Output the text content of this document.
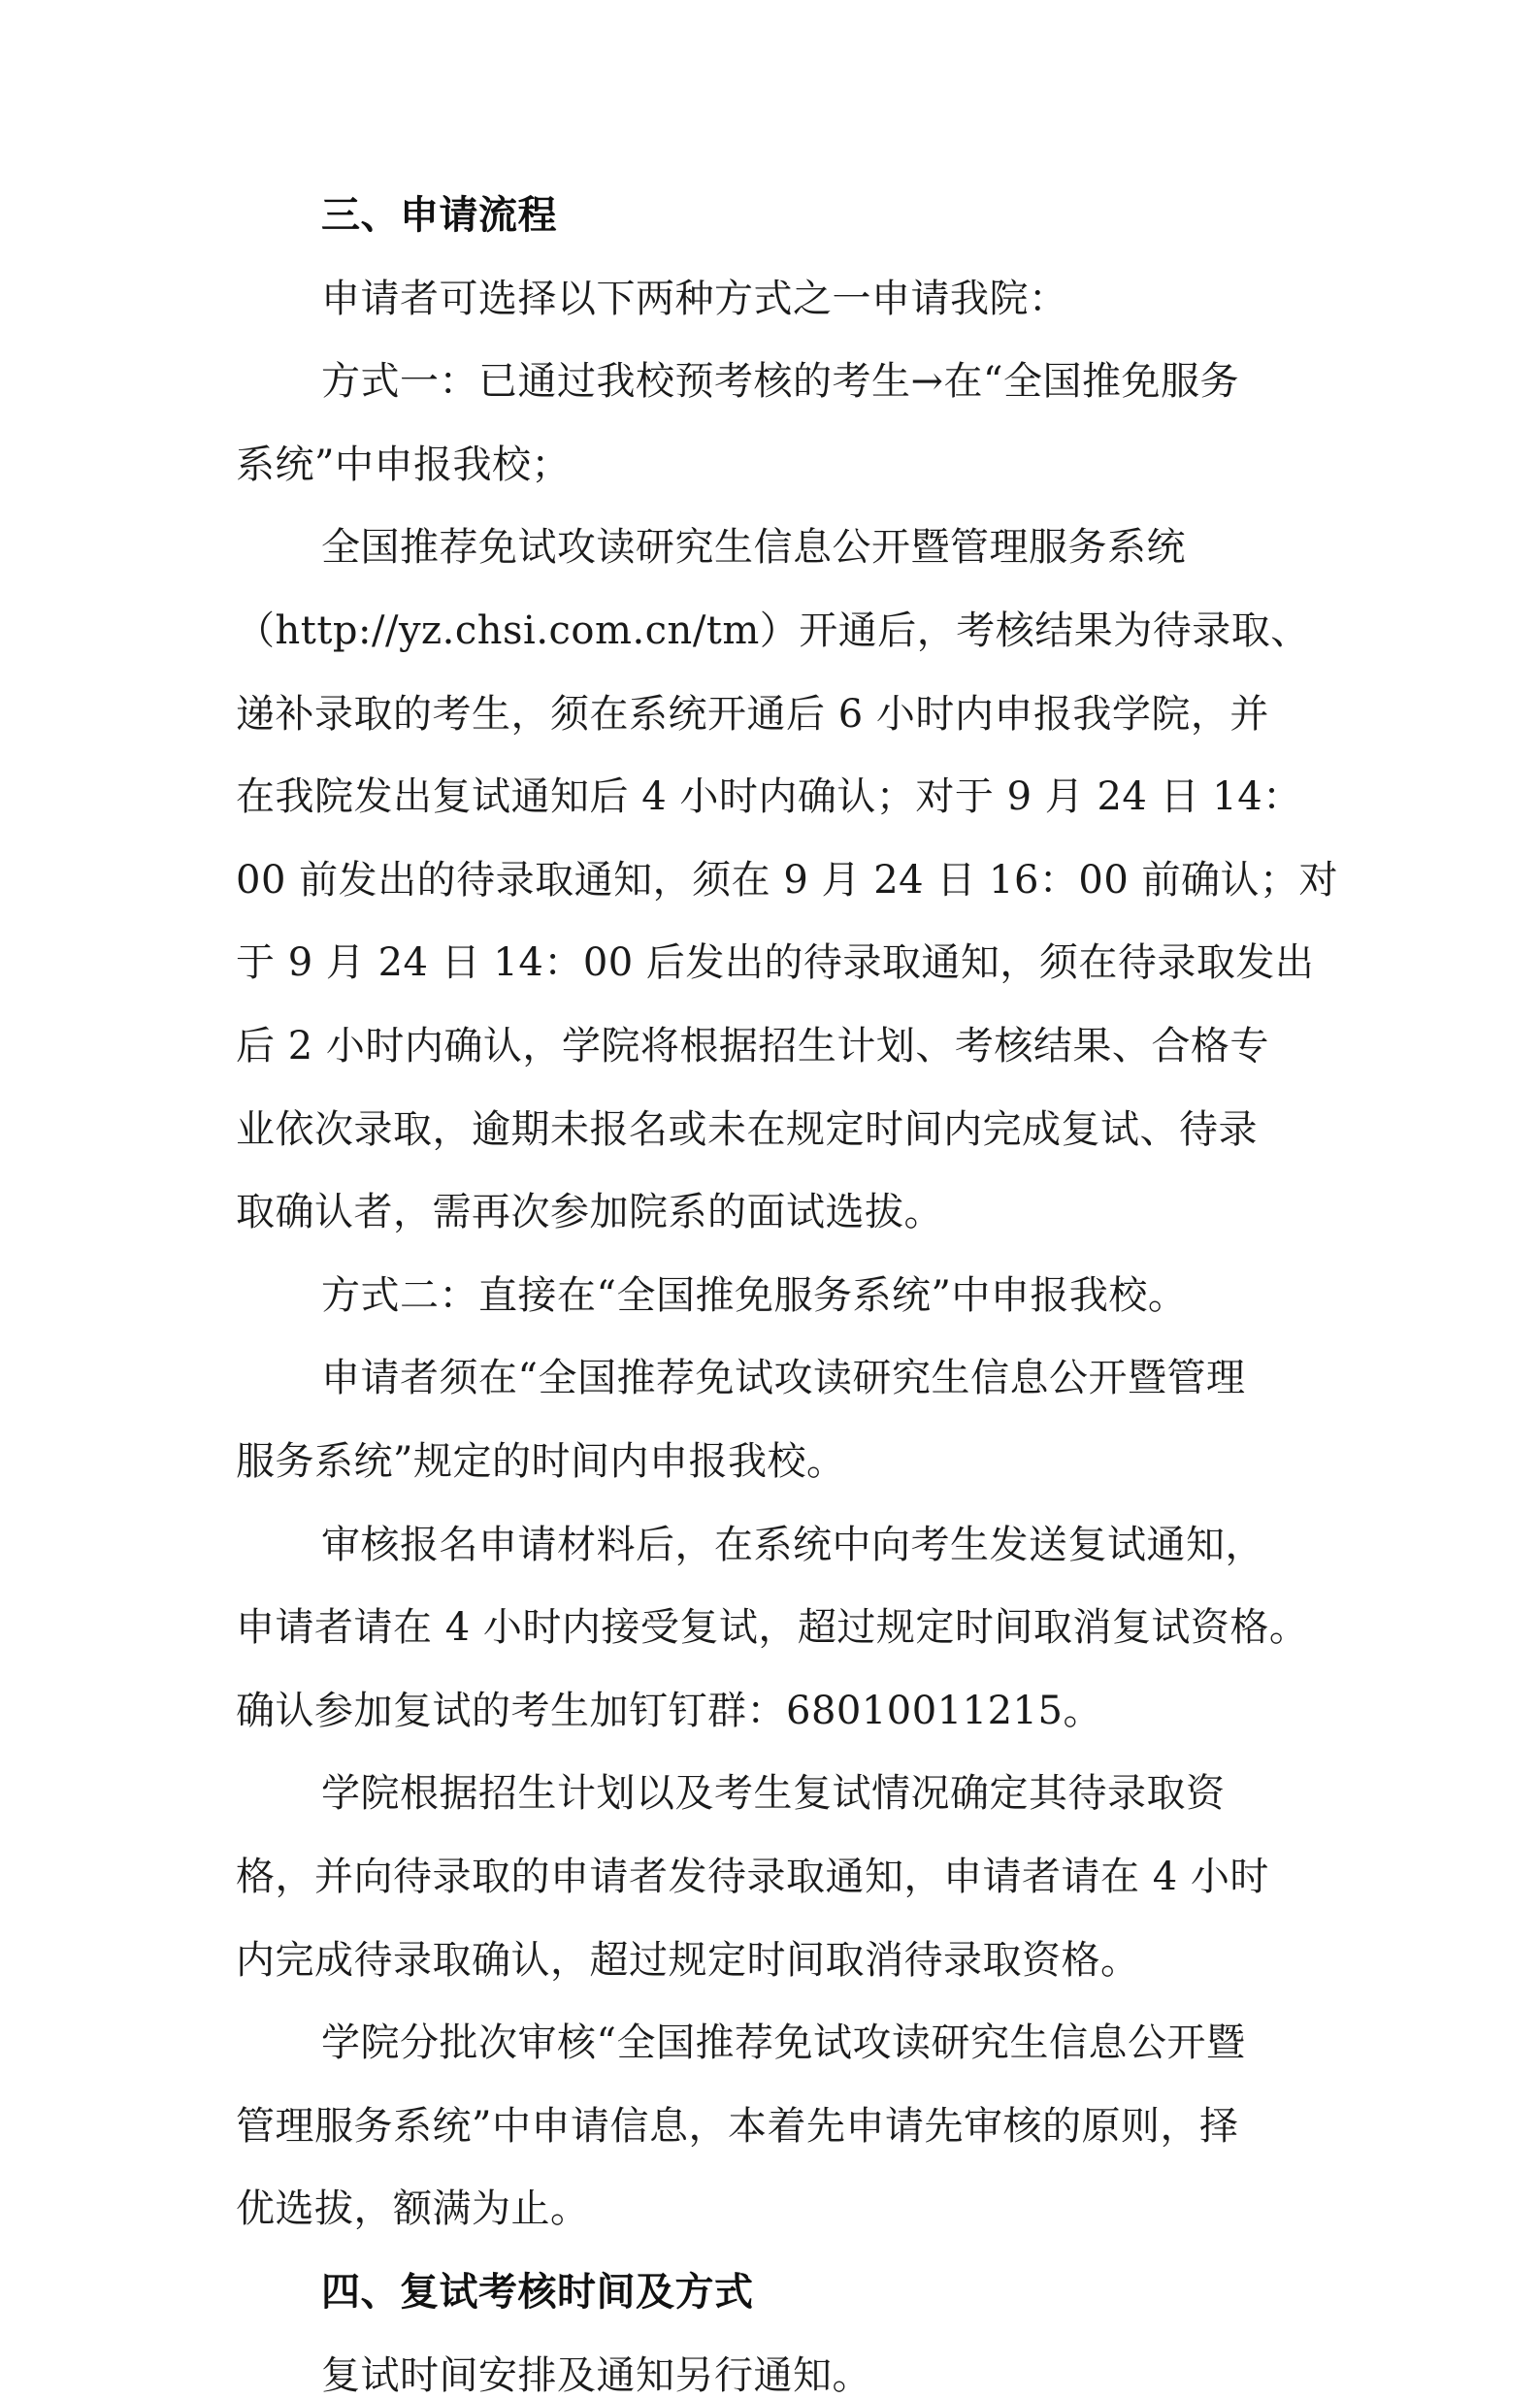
三、申请流程
申请者可选择以下两种方式之一申请我院：
方式一：已通过我校预考核的考生→在“全国推免服务
系统”中申报我校；
全国推荐免试攻读研究生信息公开暨管理服务系统
（http://yz.chsi.com.cn/tm）开通后，考核结果为待录取、
递补录取的考生，须在系统开通后 6 小时内申报我学院，并
在我院发出复试通知后 4 小时内确认；对于 9 月 24 日 14：
00 前发出的待录取通知，须在 9 月 24 日 16：00 前确认；对
于 9 月 24 日 14：00 后发出的待录取通知，须在待录取发出
后 2 小时内确认，学院将根据招生计划、考核结果、合格专
业依次录取，逾期未报名或未在规定时间内完成复试、待录
取确认者，需再次参加院系的面试选拔。
方式二：直接在“全国推免服务系统”中申报我校。
申请者须在“全国推荐免试攻读研究生信息公开暨管理
服务系统”规定的时间内申报我校。
审核报名申请材料后，在系统中向考生发送复试通知，
申请者请在 4 小时内接受复试，超过规定时间取消复试资格。
确认参加复试的考生加钉钉群：68010011215。
学院根据招生计划以及考生复试情况确定其待录取资
格，并向待录取的申请者发待录取通知，申请者请在 4 小时
内完成待录取确认，超过规定时间取消待录取资格。
学院分批次审核“全国推荐免试攻读研究生信息公开暨
管理服务系统”中申请信息，本着先申请先审核的原则，择
优选拔，额满为止。
四、复试考核时间及方式
复试时间安排及通知另行通知。
